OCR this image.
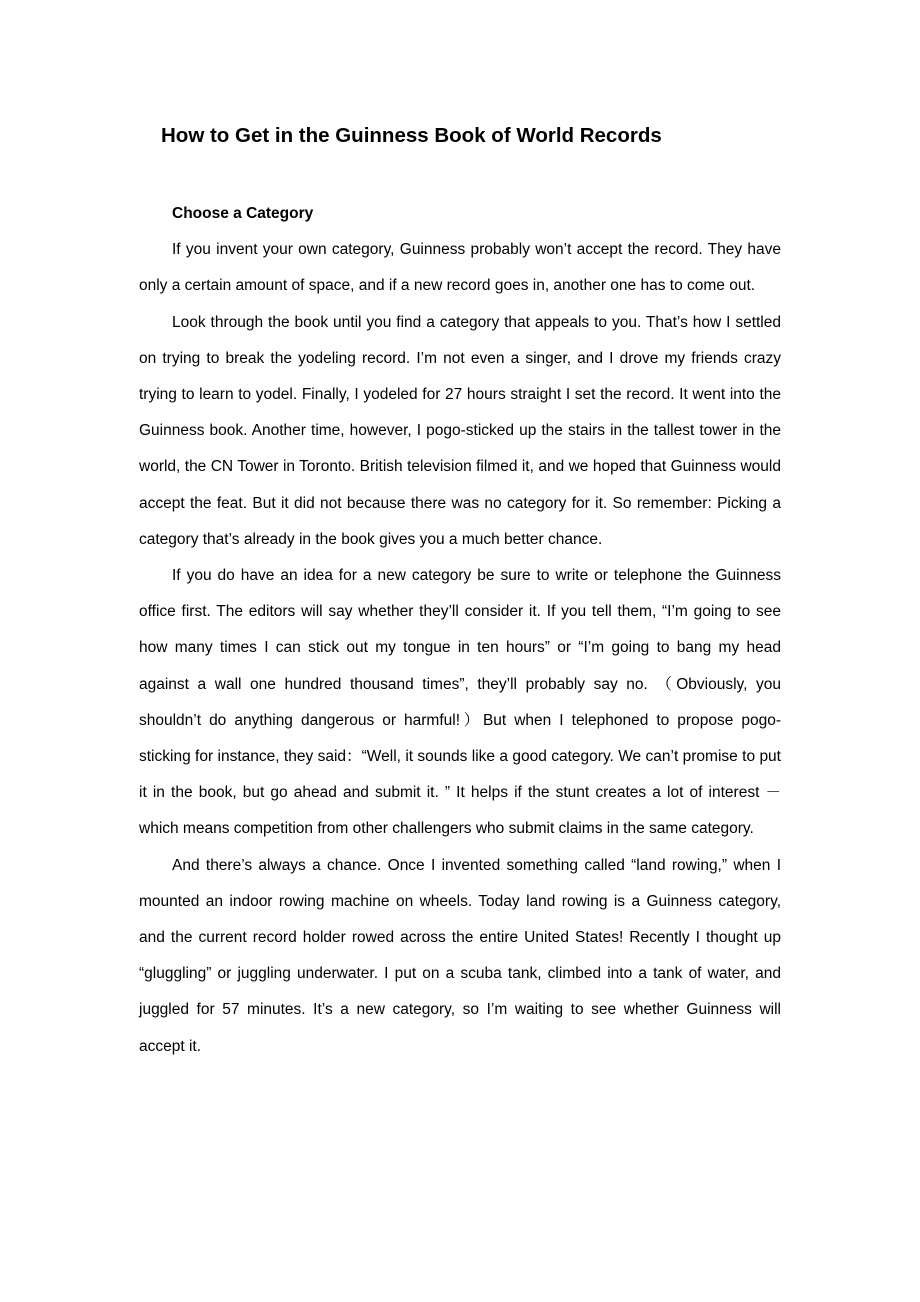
How to Get in the Guinness Book of World Records
Choose a Category

If you invent your own category, Guinness probably won’t accept the record. They have only a certain amount of space, and if a new record goes in, another one has to come out.

Look through the book until you find a category that appeals to you. That’s how I settled on trying to break the yodeling record. I’m not even a singer, and I drove my friends crazy trying to learn to yodel. Finally, I yodeled for 27 hours straight I set the record. It went into the Guinness book. Another time, however, I pogo-sticked up the stairs in the tallest tower in the world, the CN Tower in Toronto. British television filmed it, and we hoped that Guinness would accept the feat. But it did not because there was no category for it. So remember: Picking a category that’s already in the book gives you a much better chance.

If you do have an idea for a new category be sure to write or telephone the Guinness office first. The editors will say whether they’ll consider it. If you tell them, “I’m going to see how many times I can stick out my tongue in ten hours” or “I’m going to bang my head against a wall one hundred thousand times”, they’ll probably say no. （Obviously, you shouldn’t do anything dangerous or harmful!）But when I telephoned to propose pogo-sticking for instance, they said：“Well, it sounds like a good category. We can’t promise to put it in the book, but go ahead and submit it. ” It helps if the stunt creates a lot of interest － which means competition from other challengers who submit claims in the same category.

And there’s always a chance. Once I invented something called “land rowing,” when I mounted an indoor rowing machine on wheels. Today land rowing is a Guinness category, and the current record holder rowed across the entire United States! Recently I thought up “gluggling” or juggling underwater. I put on a scuba tank, climbed into a tank of water, and juggled for 57 minutes. It’s a new category, so I’m waiting to see whether Guinness will accept it.
